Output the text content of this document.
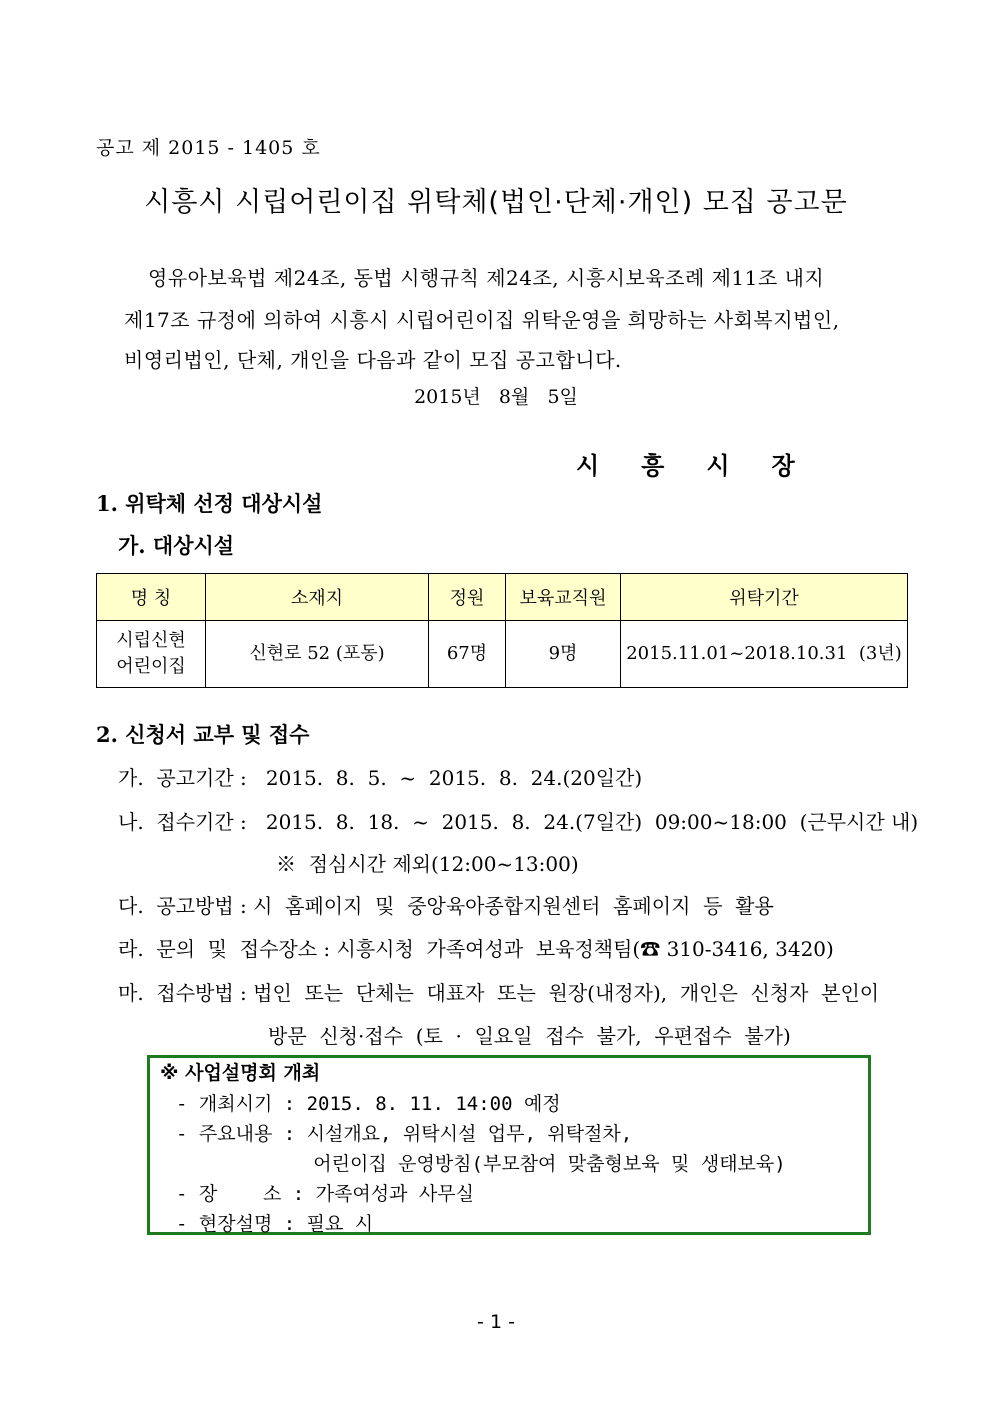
공고 제 2015 - 1405 호
시흥시 시립어린이집 위탁체(법인·단체·개인) 모집 공고문
영유아보육법 제24조, 동법 시행규칙 제24조, 시흥시보육조례 제11조 내지
제17조 규정에 의하여 시흥시 시립어린이집 위탁운영을 희망하는 사회복지법인,
비영리법인, 단체, 개인을 다음과 같이 모집 공고합니다.
2015년   8월   5일
시흥시장
1. 위탁체 선정 대상시설
가. 대상시설
명 칭	소재지	정원	보육교직원	위탁기간

시립신현
어린이집	신현로 52 (포동)	67명	9명	2015.11.01~2018.10.31  (3년)
2. 신청서 교부 및 접수
가.  공고기간 :   2015.  8.  5.  ~  2015.  8.  24.(20일간)
나.  접수기간 :   2015.  8.  18.  ~  2015.  8.  24.(7일간)  09:00~18:00  (근무시간 내)
※  점심시간 제외(12:00~13:00)
다.  공고방법 : 시  홈페이지  및  중앙육아종합지원센터  홈페이지  등  활용
라.  문의  및  접수장소 : 시흥시청  가족여성과  보육정책팀(☎ 310-3416, 3420)
마.  접수방법 : 법인  또는  단체는  대표자  또는  원장(내정자),  개인은  신청자  본인이
방문  신청·접수  (토  ·  일요일  접수  불가,  우편접수  불가)
※ 사업설명회 개최
- 개최시기 : 2015. 8. 11. 14:00 예정
- 주요내용 : 시설개요, 위탁시설 업무, 위탁절차,
어린이집 운영방침(부모참여 맞춤형보육 및 생태보육)
- 장    소 : 가족여성과 사무실
- 현장설명 : 필요 시
- 1 -
